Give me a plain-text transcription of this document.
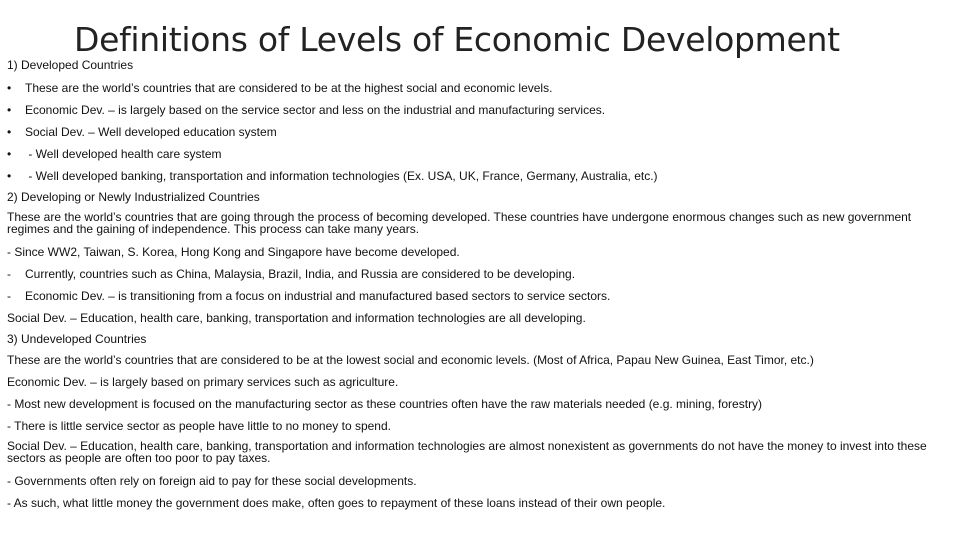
Definitions of Levels of Economic Development

1) Developed Countries

• These are the world’s countries that are considered to be at the highest social and economic levels.

• Economic Dev. – is largely based on the service sector and less on the industrial and manufacturing services.

• Social Dev. – Well developed education system

• - Well developed health care system

• - Well developed banking, transportation and information technologies (Ex. USA, UK, France, Germany, Australia, etc.)

2) Developing or Newly Industrialized Countries

These are the world’s countries that are going through the process of becoming developed. These countries have undergone enormous changes such as new government regimes and the gaining of independence. This process can take many years.

- Since WW2, Taiwan, S. Korea, Hong Kong and Singapore have become developed.

- Currently, countries such as China, Malaysia, Brazil, India, and Russia are considered to be developing.

- Economic Dev. – is transitioning from a focus on industrial and manufactured based sectors to service sectors.

Social Dev. – Education, health care, banking, transportation and information technologies are all developing.

3) Undeveloped Countries

These are the world’s countries that are considered to be at the lowest social and economic levels. (Most of Africa, Papau New Guinea, East Timor, etc.)

Economic Dev. – is largely based on primary services such as agriculture.

- Most new development is focused on the manufacturing sector as these countries often have the raw materials needed (e.g. mining, forestry)

- There is little service sector as people have little to no money to spend.

Social Dev. – Education, health care, banking, transportation and information technologies are almost nonexistent as governments do not have the money to invest into these sectors as people are often too poor to pay taxes.

- Governments often rely on foreign aid to pay for these social developments.

- As such, what little money the government does make, often goes to repayment of these loans instead of their own people.
